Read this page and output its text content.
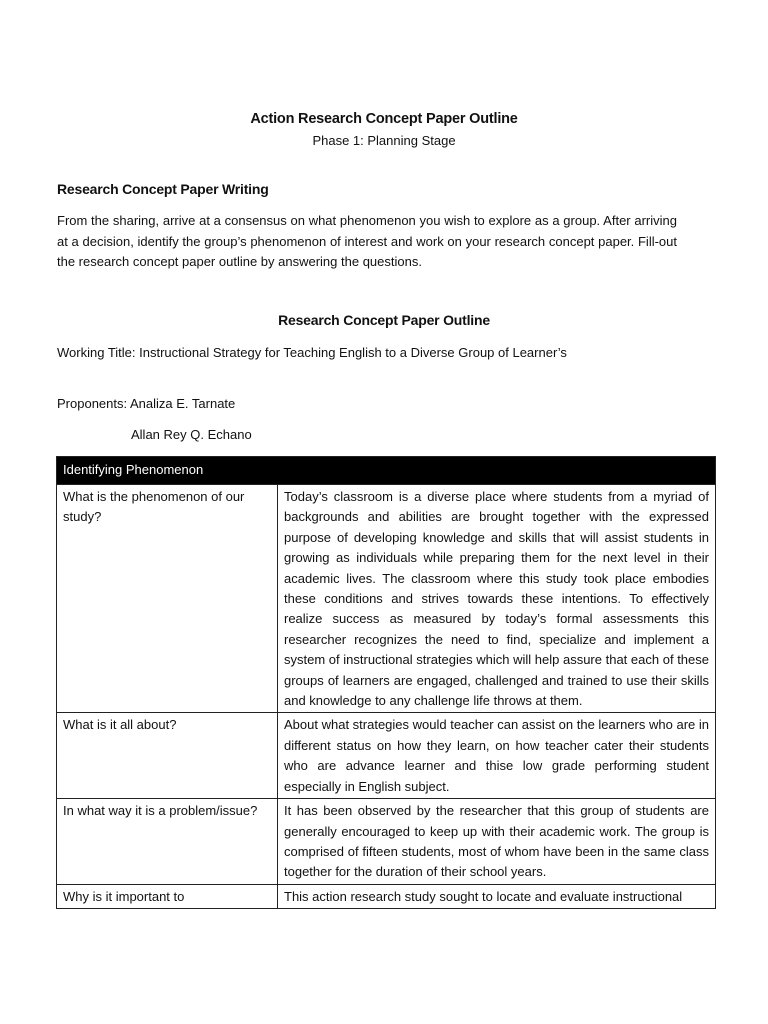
Action Research Concept Paper Outline
Phase 1: Planning Stage
Research Concept Paper Writing
From the sharing, arrive at a consensus on what phenomenon you wish to explore as a group. After arriving at a decision, identify the group’s phenomenon of interest and work on your research concept paper. Fill-out the research concept paper outline by answering the questions.
Research Concept Paper Outline
Working Title: Instructional Strategy for Teaching English to a Diverse Group of Learner’s
Proponents: Analiza E. Tarnate
Allan Rey Q. Echano
Identifying Phenomenon	
What is the phenomenon of our study?	Today’s classroom is a diverse place where students from a myriad of backgrounds and abilities are brought together with the expressed purpose of developing knowledge and skills that will assist students in growing as individuals while preparing them for the next level in their academic lives. The classroom where this study took place embodies these conditions and strives towards these intentions. To effectively realize success as measured by today’s formal assessments this researcher recognizes the need to find, specialize and implement a system of instructional strategies which will help assure that each of these groups of learners are engaged, challenged and trained to use their skills and knowledge to any challenge life throws at them.
What is it all about?	About what strategies would teacher can assist on the learners who are in different status on how they learn, on how teacher cater their students who are advance learner and thise low grade performing student especially in English subject.
In what way it is a problem/issue?	It has been observed by the researcher that this group of students are generally encouraged to keep up with their academic work. The group is comprised of fifteen students, most of whom have been in the same class together for the duration of their school years.
Why is it important to	This action research study sought to locate and evaluate instructional
